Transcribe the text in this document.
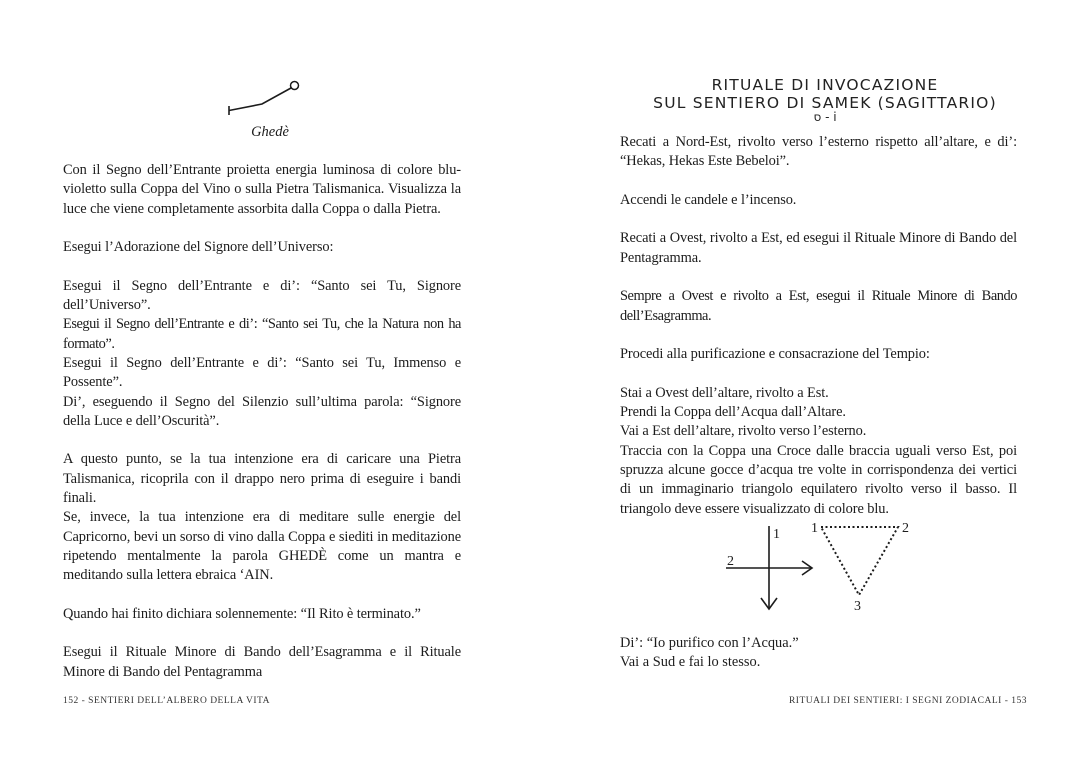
Ghedè

Con il Segno dell’Entrante proietta energia luminosa di colore blu-violetto sulla Coppa del Vino o sulla Pietra Talismanica. Visualizza la luce che viene completamente assorbita dalla Coppa o dalla Pietra.

Esegui l’Adorazione del Signore dell’Universo:

Esegui il Segno dell’Entrante e di’: “Santo sei Tu, Signore dell’Universo”.

Esegui il Segno dell’Entrante e di’: “Santo sei Tu, che la Natura non ha formato”.

Esegui il Segno dell’Entrante e di’: “Santo sei Tu, Immenso e Possente”.

Di’, eseguendo il Segno del Silenzio sull’ultima parola: “Signore della Luce e dell’Oscurità”.

A questo punto, se la tua intenzione era di caricare una Pietra Talismanica, ricoprila con il drappo nero prima di eseguire i bandi finali.

Se, invece, la tua intenzione era di meditare sulle energie del Capricorno, bevi un sorso di vino dalla Coppa e siediti in meditazione ripetendo mentalmente la parola GHEDÈ come un mantra e meditando sulla lettera ebraica ‘AIN.

Quando hai finito dichiara solennemente: “Il Rito è terminato.”

Esegui il Rituale Minore di Bando dell’Esagramma e il Rituale Minore di Bando del Pentagramma

152 - SENTIERI DELL’ALBERO DELLA VITA
RITUALE DI INVOCAZIONE
SUL SENTIERO DI SAMEK (SAGITTARIO)
ס - i

Recati a Nord-Est, rivolto verso l’esterno rispetto all’altare, e di’: “Hekas, Hekas Este Bebeloi”.

Accendi le candele e l’incenso.

Recati a Ovest, rivolto a Est, ed esegui il Rituale Minore di Bando del Pentagramma.

Sempre a Ovest e rivolto a Est, esegui il Rituale Minore di Bando dell’Esagramma.

Procedi alla purificazione e consacrazione del Tempio:

Stai a Ovest dell’altare, rivolto a Est.

Prendi la Coppa dell’Acqua dall’Altare.

Vai a Est dell’altare, rivolto verso l’esterno.

Traccia con la Coppa una Croce dalle braccia uguali verso Est, poi spruzza alcune gocce d’acqua tre volte in corrispondenza dei vertici di un immaginario triangolo equilatero rivolto verso il basso. Il triangolo deve essere visualizzato di colore blu.

1
2
1	2
3

Di’: “Io purifico con l’Acqua.”

Vai a Sud e fai lo stesso.

RITUALI DEI SENTIERI: I SEGNI ZODIACALI - 153
